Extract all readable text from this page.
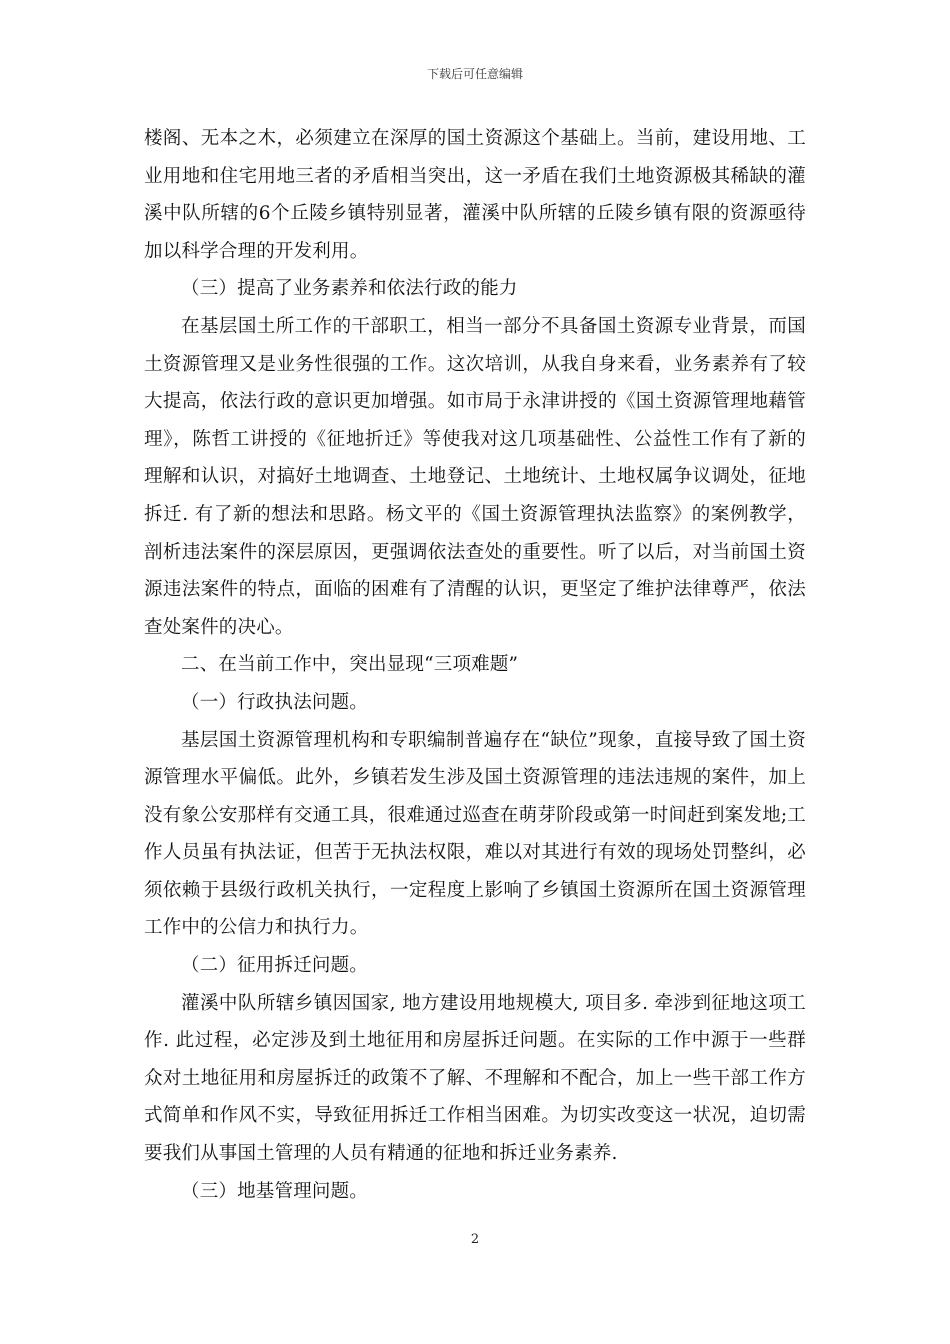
下载后可任意编辑

楼阁、无本之木，必须建立在深厚的国土资源这个基础上。当前，建设用地、工业用地和住宅用地三者的矛盾相当突出，这一矛盾在我们土地资源极其稀缺的灌溪中队所辖的6个丘陵乡镇特别显著，灌溪中队所辖的丘陵乡镇有限的资源亟待加以科学合理的开发利用。

（三）提高了业务素养和依法行政的能力

在基层国土所工作的干部职工，相当一部分不具备国土资源专业背景，而国土资源管理又是业务性很强的工作。这次培训，从我自身来看，业务素养有了较大提高，依法行政的意识更加增强。如市局于永津讲授的《国土资源管理地藉管理》，陈哲工讲授的《征地折迁》等使我对这几项基础性、公益性工作有了新的理解和认识，对搞好土地调查、土地登记、土地统计、土地权属争议调处，征地拆迁. 有了新的想法和思路。杨文平的《国土资源管理执法监察》的案例教学，剖析违法案件的深层原因，更强调依法查处的重要性。听了以后，对当前国土资源违法案件的特点，面临的困难有了清醒的认识，更坚定了维护法律尊严，依法查处案件的决心。

二、在当前工作中，突出显现“三项难题”

（一）行政执法问题。

基层国土资源管理机构和专职编制普遍存在“缺位”现象，直接导致了国土资源管理水平偏低。此外，乡镇若发生涉及国土资源管理的违法违规的案件，加上没有象公安那样有交通工具，很难通过巡查在萌芽阶段或第一时间赶到案发地;工作人员虽有执法证，但苦于无执法权限，难以对其进行有效的现场处罚整纠，必须依赖于县级行政机关执行，一定程度上影响了乡镇国土资源所在国土资源管理工作中的公信力和执行力。

（二）征用拆迁问题。

灌溪中队所辖乡镇因国家, 地方建设用地规模大, 项目多. 牵涉到征地这项工作. 此过程，必定涉及到土地征用和房屋拆迁问题。在实际的工作中源于一些群众对土地征用和房屋拆迁的政策不了解、不理解和不配合，加上一些干部工作方式简单和作风不实，导致征用拆迁工作相当困难。为切实改变这一状况，迫切需要我们从事国土管理的人员有精通的征地和拆迁业务素养.

（三）地基管理问题。

2
